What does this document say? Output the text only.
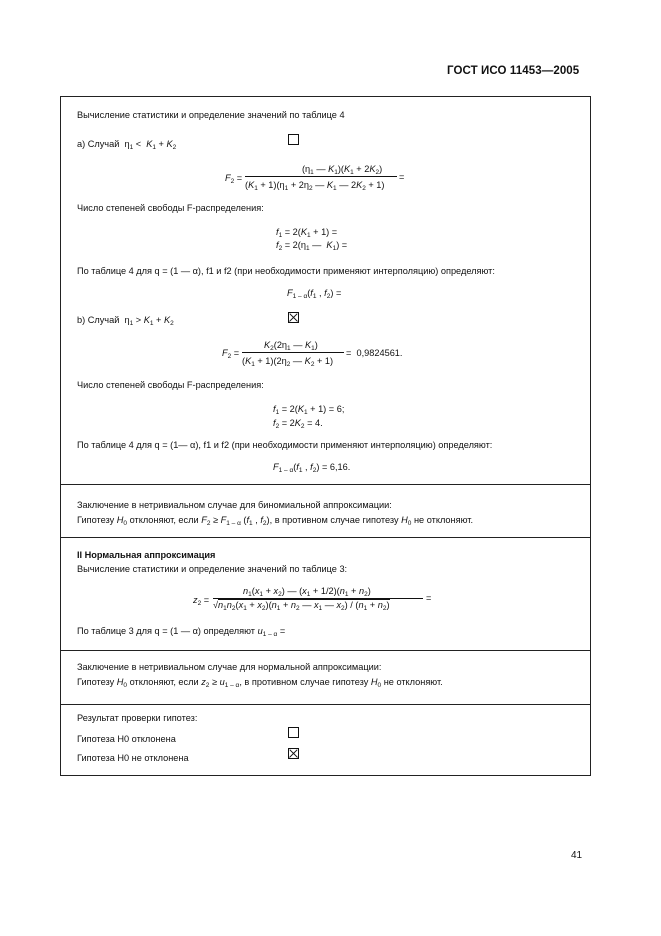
ГОСТ ИСО 11453—2005
Вычисление статистики и определение значений по таблице 4
a) Случай  $\eta_1 < K_1 + K_2$
$F_2$ =
($\eta_1$ — $K_1)(K_1 + 2K_2)$
$(K_1 + 1)(\eta_1 + 2\eta_2$ — $K_1$ — $2K_2 + 1$)
=
Число степеней свободы F-распределения:
$f_1 = 2(K_1 + 1)$ =
$f_2 = 2(\eta_1$ —  $K_1$) =
По таблице 4 для q = (1 — α), f1 и f2 (при необходимости применяют интерполяцию) определяют:
$F_{1 - \alpha}(f_1$ , $f_2$) =
b) Случай  $\eta_1 > K_1 + K_2$
$F_2$ =
$K_2(2\eta_1$ — $K_1$)
$(K_1 + 1)(2\eta_2$ — $K_2 + 1$)
=  0,9824561.
Число степеней свободы F-распределения:
$f_1 = 2(K_1 + 1) = 6$;
$f_2 = 2K_2 = 4$.
По таблице 4 для q = (1— α), f1 и f2 (при необходимости применяют интерполяцию) определяют:
$F_{1 - \alpha}(f_1$ , $f_2) = 6,16$.
Заключение в нетривиальном случае для биномиальной аппроксимации:
Гипотезу $H_0$ отклоняют, если $F_2 \ge F_{1 - \alpha}$ ($f_1$ , $f_2$), в противном случае гипотезу $H_0$ не отклоняют.
II Нормальная аппроксимация
Вычисление статистики и определение значений по таблице 3:
$z_2$ =
$n_1(x_1 + x_2)$ — $(x_1 + 1/2)(n_1 + n_2)$
$√n_1n_2(x_1 + x_2)(n_1 + n_2$ — $x_1$ — $x_2) / (n_1 + n_2)$
=
По таблице 3 для q = (1 — α) определяют $u_{1 - \alpha}$ =
Заключение в нетривиальном случае для нормальной аппроксимации:
Гипотезу $H_0$ отклоняют, если $z_2 \ge u_{1 - \alpha}$, в противном случае гипотезу $H_0$ не отклоняют.
Результат проверки гипотез:
Гипотеза H0 отклонена
Гипотеза H0 не отклонена
41
